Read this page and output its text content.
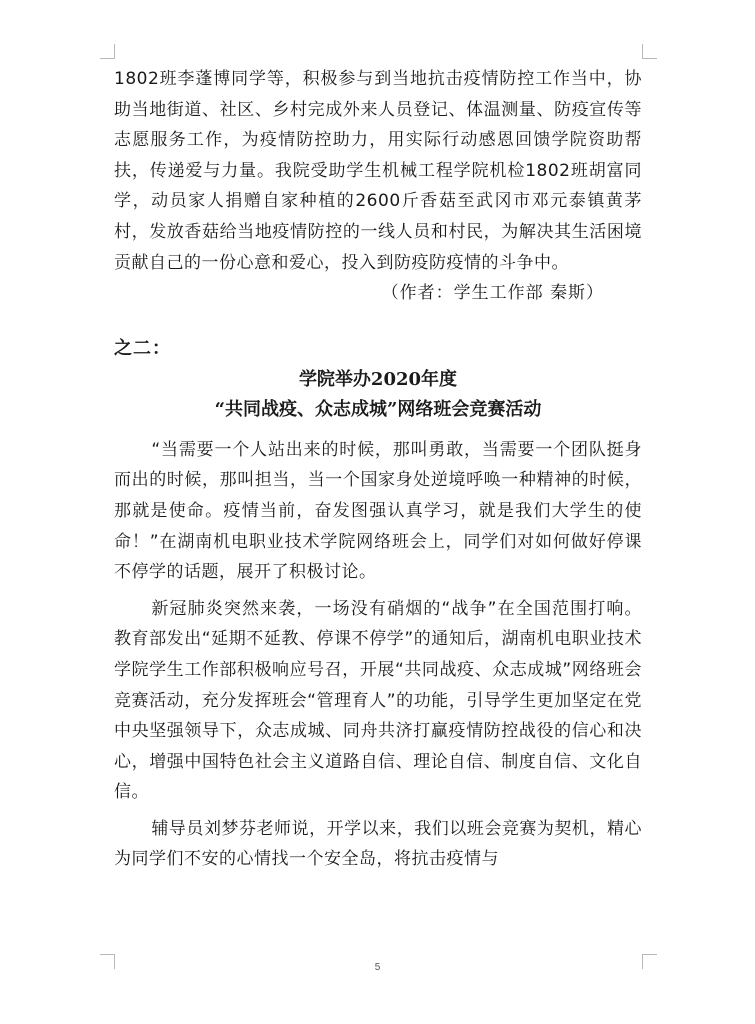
1802班李蓬博同学等，积极参与到当地抗击疫情防控工作当中，协助当地街道、社区、乡村完成外来人员登记、体温测量、防疫宣传等志愿服务工作，为疫情防控助力，用实际行动感恩回馈学院资助帮扶，传递爱与力量。我院受助学生机械工程学院机检1802班胡富同学，动员家人捐赠自家种植的2600斤香菇至武冈市邓元泰镇黄茅村，发放香菇给当地疫情防控的一线人员和村民，为解决其生活困境贡献自己的一份心意和爱心，投入到防疫防疫情的斗争中。

（作者：学生工作部 秦斯）

之二：

学院举办2020年度

“共同战疫、众志成城”网络班会竞赛活动

“当需要一个人站出来的时候，那叫勇敢，当需要一个团队挺身而出的时候，那叫担当，当一个国家身处逆境呼唤一种精神的时候，那就是使命。疫情当前，奋发图强认真学习，就是我们大学生的使命！”在湖南机电职业技术学院网络班会上，同学们对如何做好停课不停学的话题，展开了积极讨论。

新冠肺炎突然来袭，一场没有硝烟的“战争”在全国范围打响。教育部发出“延期不延教、停课不停学”的通知后，湖南机电职业技术学院学生工作部积极响应号召，开展“共同战疫、众志成城”网络班会竞赛活动，充分发挥班会“管理育人”的功能，引导学生更加坚定在党中央坚强领导下，众志成城、同舟共济打赢疫情防控战役的信心和决心，增强中国特色社会主义道路自信、理论自信、制度自信、文化自信。

辅导员刘梦芬老师说，开学以来，我们以班会竞赛为契机，精心为同学们不安的心情找一个安全岛，将抗击疫情与

5
